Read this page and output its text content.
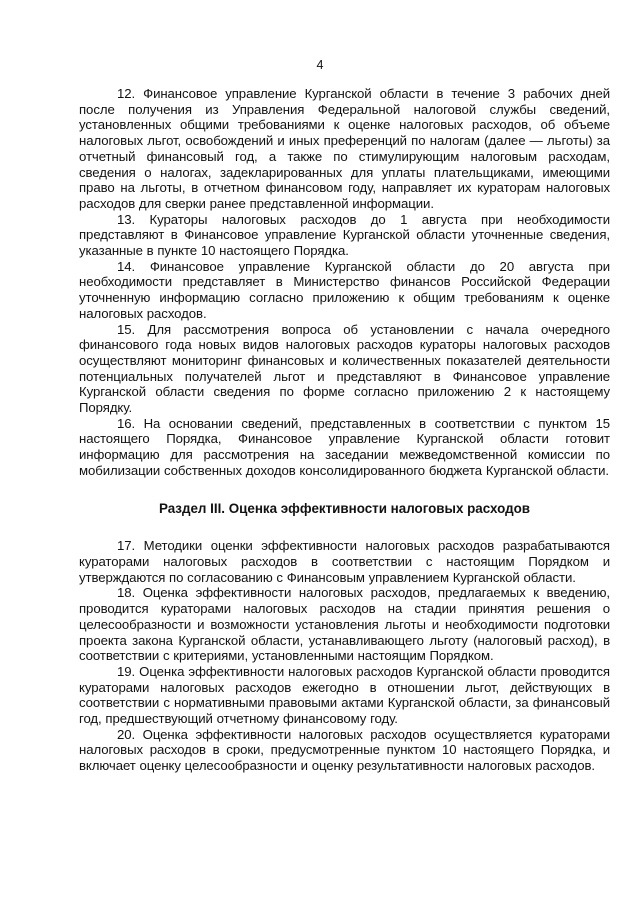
4

12. Финансовое управление Курганской области в течение 3 рабочих дней после получения из Управления Федеральной налоговой службы сведений, установленных общими требованиями к оценке налоговых расходов, об объеме налоговых льгот, освобождений и иных преференций по налогам (далее — льготы) за отчетный финансовый год, а также по стимулирующим налоговым расходам, сведения о налогах, задекларированных для уплаты плательщиками, имеющими право на льготы, в отчетном финансовом году, направляет их кураторам налоговых расходов для сверки ранее представленной информации.

13. Кураторы налоговых расходов до 1 августа при необходимости представляют в Финансовое управление Курганской области уточненные сведения, указанные в пункте 10 настоящего Порядка.

14. Финансовое управление Курганской области до 20 августа при необходимости представляет в Министерство финансов Российской Федерации уточненную информацию согласно приложению к общим требованиям к оценке налоговых расходов.

15. Для рассмотрения вопроса об установлении с начала очередного финансового года новых видов налоговых расходов кураторы налоговых расходов осуществляют мониторинг финансовых и количественных показателей деятельности потенциальных получателей льгот и представляют в Финансовое управление Курганской области сведения по форме согласно приложению 2 к настоящему Порядку.

16. На основании сведений, представленных в соответствии с пунктом 15 настоящего Порядка, Финансовое управление Курганской области готовит информацию для рассмотрения на заседании межведомственной комиссии по мобилизации собственных доходов консолидированного бюджета Курганской области.

Раздел III. Оценка эффективности налоговых расходов

17. Методики оценки эффективности налоговых расходов разрабатываются кураторами налоговых расходов в соответствии с настоящим Порядком и утверждаются по согласованию с Финансовым управлением Курганской области.

18. Оценка эффективности налоговых расходов, предлагаемых к введению, проводится кураторами налоговых расходов на стадии принятия решения о целесообразности и возможности установления льготы и необходимости подготовки проекта закона Курганской области, устанавливающего льготу (налоговый расход), в соответствии с критериями, установленными настоящим Порядком.

19. Оценка эффективности налоговых расходов Курганской области проводится кураторами налоговых расходов ежегодно в отношении льгот, действующих в соответствии с нормативными правовыми актами Курганской области, за финансовый год, предшествующий отчетному финансовому году.

20. Оценка эффективности налоговых расходов осуществляется кураторами налоговых расходов в сроки, предусмотренные пунктом 10 настоящего Порядка, и включает оценку целесообразности и оценку результативности налоговых расходов.
